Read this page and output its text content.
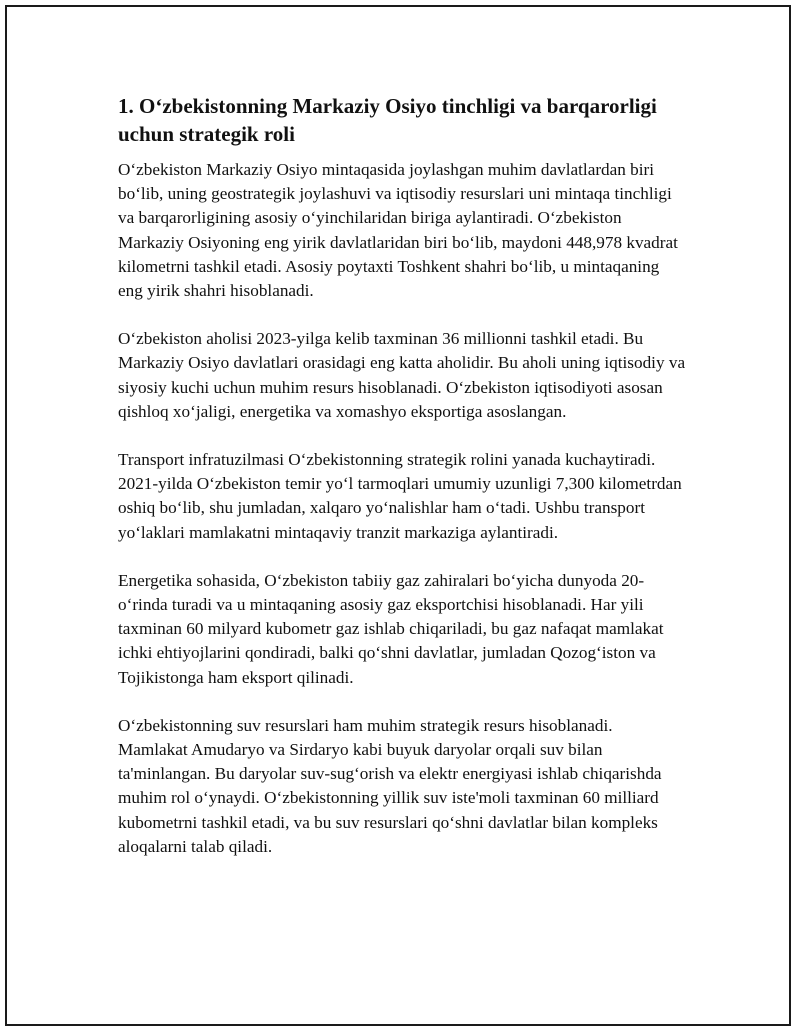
1. O‘zbekistonning Markaziy Osiyo tinchligi va barqarorligi uchun strategik roli

O‘zbekiston Markaziy Osiyo mintaqasida joylashgan muhim davlatlardan biri bo‘lib, uning geostrategik joylashuvi va iqtisodiy resurslari uni mintaqa tinchligi va barqarorligining asosiy o‘yinchilaridan biriga aylantiradi. O‘zbekiston Markaziy Osiyoning eng yirik davlatlaridan biri bo‘lib, maydoni 448,978 kvadrat kilometrni tashkil etadi. Asosiy poytaxti Toshkent shahri bo‘lib, u mintaqaning eng yirik shahri hisoblanadi.

O‘zbekiston aholisi 2023-yilga kelib taxminan 36 millionni tashkil etadi. Bu Markaziy Osiyo davlatlari orasidagi eng katta aholidir. Bu aholi uning iqtisodiy va siyosiy kuchi uchun muhim resurs hisoblanadi. O‘zbekiston iqtisodiyoti asosan qishloq xo‘jaligi, energetika va xomashyo eksportiga asoslangan.

Transport infratuzilmasi O‘zbekistonning strategik rolini yanada kuchaytiradi. 2021-yilda O‘zbekiston temir yo‘l tarmoqlari umumiy uzunligi 7,300 kilometrdan oshiq bo‘lib, shu jumladan, xalqaro yo‘nalishlar ham o‘tadi. Ushbu transport yo‘laklari mamlakatni mintaqaviy tranzit markaziga aylantiradi.

Energetika sohasida, O‘zbekiston tabiiy gaz zahiralari bo‘yicha dunyoda 20-o‘rinda turadi va u mintaqaning asosiy gaz eksportchisi hisoblanadi. Har yili taxminan 60 milyard kubometr gaz ishlab chiqariladi, bu gaz nafaqat mamlakat ichki ehtiyojlarini qondiradi, balki qo‘shni davlatlar, jumladan Qozog‘iston va Tojikistonga ham eksport qilinadi.

O‘zbekistonning suv resurslari ham muhim strategik resurs hisoblanadi. Mamlakat Amudaryo va Sirdaryo kabi buyuk daryolar orqali suv bilan ta'minlangan. Bu daryolar suv-sug‘orish va elektr energiyasi ishlab chiqarishda muhim rol o‘ynaydi. O‘zbekistonning yillik suv iste'moli taxminan 60 milliard kubometrni tashkil etadi, va bu suv resurslari qo‘shni davlatlar bilan kompleks aloqalarni talab qiladi.
